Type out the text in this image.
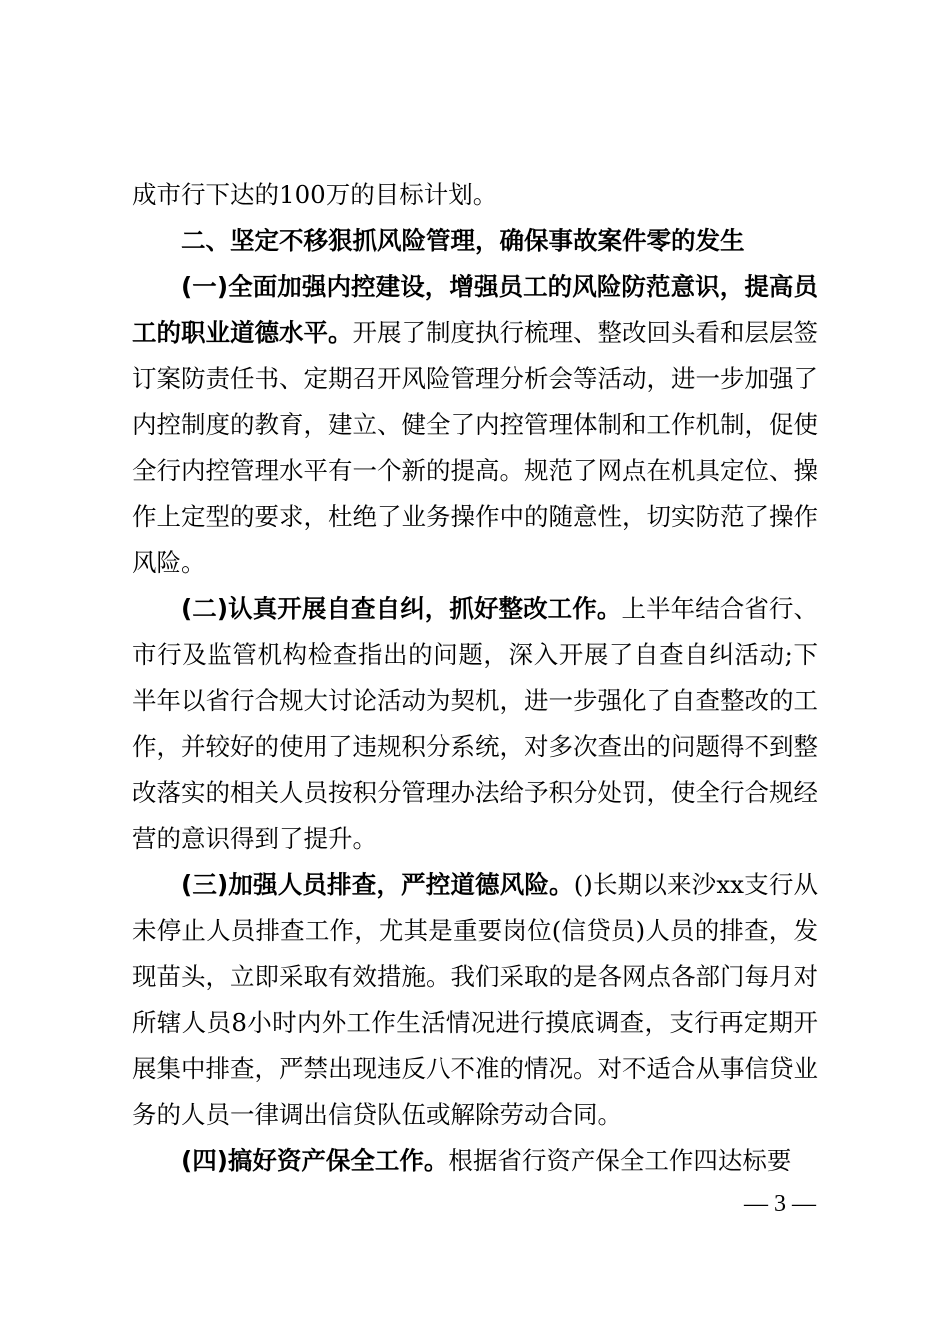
成市行下达的100万的目标计划。

二、坚定不移狠抓风险管理，确保事故案件零的发生

(一)全面加强内控建设，增强员工的风险防范意识，提高员工的职业道德水平。开展了制度执行梳理、整改回头看和层层签订案防责任书、定期召开风险管理分析会等活动，进一步加强了内控制度的教育，建立、健全了内控管理体制和工作机制，促使全行内控管理水平有一个新的提高。规范了网点在机具定位、操作上定型的要求，杜绝了业务操作中的随意性，切实防范了操作风险。

(二)认真开展自查自纠，抓好整改工作。上半年结合省行、市行及监管机构检查指出的问题，深入开展了自查自纠活动;下半年以省行合规大讨论活动为契机，进一步强化了自查整改的工作，并较好的使用了违规积分系统，对多次查出的问题得不到整改落实的相关人员按积分管理办法给予积分处罚，使全行合规经营的意识得到了提升。

(三)加强人员排查，严控道德风险。()长期以来沙xx支行从未停止人员排查工作，尤其是重要岗位(信贷员)人员的排查，发现苗头，立即采取有效措施。我们采取的是各网点各部门每月对所辖人员8小时内外工作生活情况进行摸底调查，支行再定期开展集中排查，严禁出现违反八不准的情况。对不适合从事信贷业务的人员一律调出信贷队伍或解除劳动合同。

(四)搞好资产保全工作。根据省行资产保全工作四达标要

— 3 —
